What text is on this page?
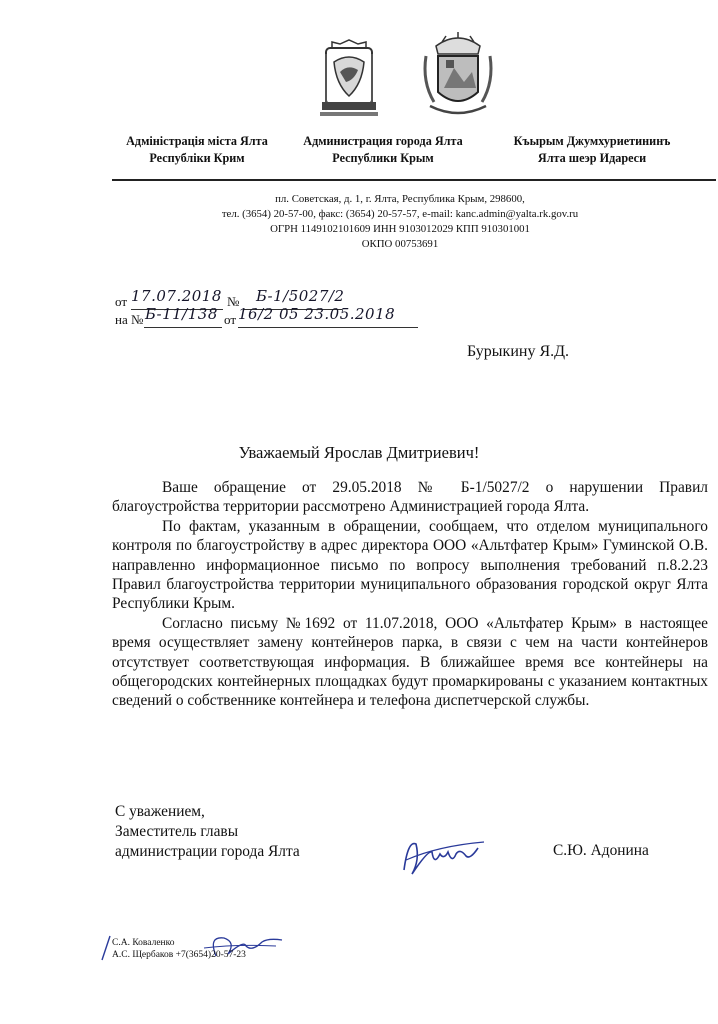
Адміністрація міста Ялта
Республіки Крим
Администрация города Ялта
Республики Крым
Къырым Джумхуриетининъ
Ялта шеэр Идареси
пл. Советская, д. 1, г. Ялта, Республика Крым, 298600,
тел. (3654) 20-57-00, факс: (3654) 20-57-57, e-mail: kanc.admin@yalta.rk.gov.ru
ОГРН 1149102101609 ИНН 9103012029 КПП 910301001
ОКПО 00753691
от 17.07.2018 № Б-1/5027/2
на № Б-11/138 от 16/2 05 23.05.2018
Бурыкину Я.Д.
Уважаемый Ярослав Дмитриевич!

Ваше обращение от 29.05.2018 № Б-1/5027/2 о нарушении Правил благоустройства территории рассмотрено Администрацией города Ялта.

По фактам, указанным в обращении, сообщаем, что отделом муниципального контроля по благоустройству в адрес директора ООО «Альтфатер Крым» Гуминской О.В. направленно информационное письмо по вопросу выполнения требований п.8.2.23 Правил благоустройства территории муниципального образования городской округ Ялта Республики Крым.

Согласно письму №1692 от 11.07.2018, ООО «Альтфатер Крым» в настоящее время осуществляет замену контейнеров парка, в связи с чем на части контейнеров отсутствует соответствующая информация. В ближайшее время все контейнеры на общегородских контейнерных площадках будут промаркированы с указанием контактных сведений о собственнике контейнера и телефона диспетчерской службы.

С уважением,
Заместитель главы
администрации города Ялта	С.Ю. Адонина
С.А. Коваленко
А.С. Щербаков +7(3654)20-57-23
